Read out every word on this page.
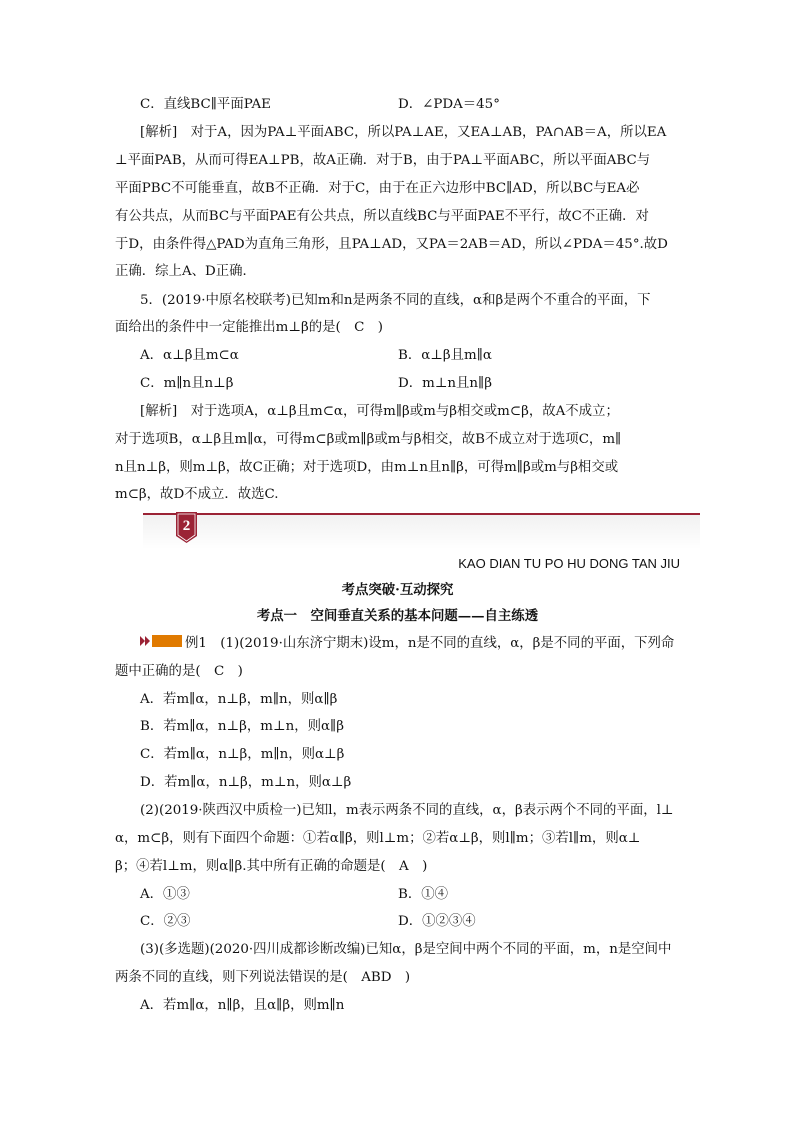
C．直线BC∥平面PAE	D．∠PDA＝45°
[解析]　对于A，因为PA⊥平面ABC，所以PA⊥AE，又EA⊥AB，PA∩AB＝A，所以EA
⊥平面PAB，从而可得EA⊥PB，故A正确．对于B，由于PA⊥平面ABC，所以平面ABC与
平面PBC不可能垂直，故B不正确．对于C，由于在正六边形中BC∥AD，所以BC与EA必
有公共点，从而BC与平面PAE有公共点，所以直线BC与平面PAE不平行，故C不正确．对
于D，由条件得△PAD为直角三角形，且PA⊥AD，又PA＝2AB＝AD，所以∠PDA＝45°.故D
正确．综上A、D正确．
5．(2019·中原名校联考)已知m和n是两条不同的直线，α和β是两个不重合的平面，下
面给出的条件中一定能推出m⊥β的是(　C　)
A．α⊥β且m⊂α	B．α⊥β且m∥α
C．m∥n且n⊥β	D．m⊥n且n∥β
[解析]　对于选项A，α⊥β且m⊂α，可得m∥β或m与β相交或m⊂β，故A不成立；
对于选项B，α⊥β且m∥α，可得m⊂β或m∥β或m与β相交，故B不成立对于选项C，m∥
n且n⊥β，则m⊥β，故C正确；对于选项D，由m⊥n且n∥β，可得m∥β或m与β相交或
m⊂β，故D不成立．故选C.
2
KAO DIAN TU PO HU DONG TAN JIU
考点突破·互动探究
考点一　空间垂直关系的基本问题——自主练透
例1　(1)(2019·山东济宁期末)设m，n是不同的直线，α，β是不同的平面，下列命
题中正确的是(　C　)
A．若m∥α，n⊥β，m∥n，则α∥β
B．若m∥α，n⊥β，m⊥n，则α∥β
C．若m∥α，n⊥β，m∥n，则α⊥β
D．若m∥α，n⊥β，m⊥n，则α⊥β
(2)(2019·陕西汉中质检一)已知l，m表示两条不同的直线，α，β表示两个不同的平面，l⊥
α，m⊂β，则有下面四个命题：①若α∥β，则l⊥m；②若α⊥β，则l∥m；③若l∥m，则α⊥
β；④若l⊥m，则α∥β.其中所有正确的命题是(　A　)
A．①③	B．①④
C．②③	D．①②③④
(3)(多选题)(2020·四川成都诊断改编)已知α，β是空间中两个不同的平面，m，n是空间中
两条不同的直线，则下列说法错误的是(　ABD　)
A．若m∥α，n∥β，且α∥β，则m∥n
